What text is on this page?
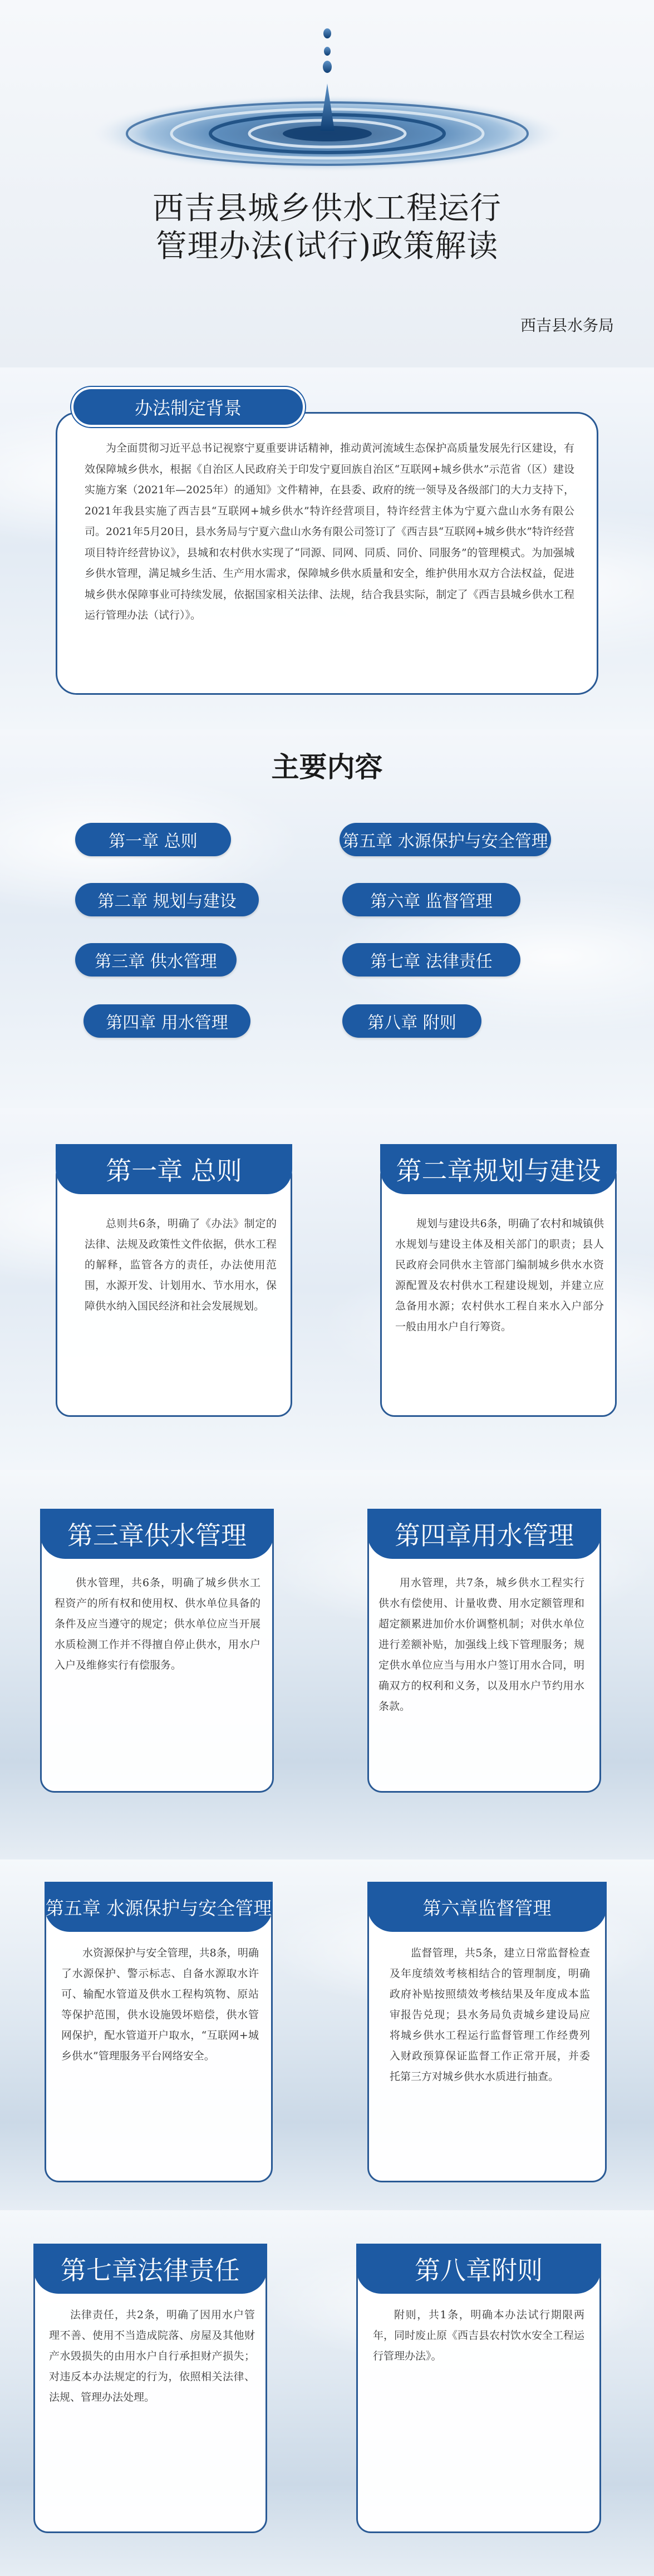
西吉县城乡供水工程运行
管理办法(试行)政策解读
西吉县水务局
办法制定背景
为全面贯彻习近平总书记视察宁夏重要讲话精神，推动黄河流域生态保护高质量发展先行区建设，有效保障城乡供水，根据《自治区人民政府关于印发宁夏回族自治区“互联网+城乡供水”示范省（区）建设实施方案（2021年—2025年）的通知》文件精神，在县委、政府的统一领导及各级部门的大力支持下，2021年我县实施了西吉县“互联网+城乡供水”特许经营项目，特许经营主体为宁夏六盘山水务有限公司。2021年5月20日，县水务局与宁夏六盘山水务有限公司签订了《西吉县“互联网+城乡供水”特许经营项目特许经营协议》，县城和农村供水实现了“同源、同网、同质、同价、同服务”的管理模式。为加强城乡供水管理，满足城乡生活、生产用水需求，保障城乡供水质量和安全，维护供用水双方合法权益，促进城乡供水保障事业可持续发展，依据国家相关法律、法规，结合我县实际，制定了《西吉县城乡供水工程运行管理办法（试行）》。
主要内容
第一章 总则
第二章 规划与建设
第三章 供水管理
第四章 用水管理
第五章 水源保护与安全管理
第六章 监督管理
第七章 法律责任
第八章 附则
第一章 总则
总则共6条，明确了《办法》制定的法律、法规及政策性文件依据，供水工程的解释，监管各方的责任，办法使用范围，水源开发、计划用水、节水用水，保障供水纳入国民经济和社会发展规划。
第二章规划与建设
规划与建设共6条，明确了农村和城镇供水规划与建设主体及相关部门的职责；县人民政府会同供水主管部门编制城乡供水水资源配置及农村供水工程建设规划，并建立应急备用水源；农村供水工程自来水入户部分一般由用水户自行筹资。
第三章供水管理
供水管理，共6条，明确了城乡供水工程资产的所有权和使用权、供水单位具备的条件及应当遵守的规定；供水单位应当开展水质检测工作并不得擅自停止供水，用水户入户及维修实行有偿服务。
第四章用水管理
用水管理，共7条，城乡供水工程实行供水有偿使用、计量收费、用水定额管理和超定额累进加价水价调整机制；对供水单位进行差额补贴，加强线上线下管理服务；规定供水单位应当与用水户签订用水合同，明确双方的权利和义务，以及用水户节约用水条款。
第五章 水源保护与安全管理
水资源保护与安全管理，共8条，明确了水源保护、警示标志、自备水源取水许可、输配水管道及供水工程构筑物、原站等保护范围，供水设施毁坏赔偿，供水管网保护，配水管道开户取水，“互联网+城乡供水”管理服务平台网络安全。
第六章监督管理
监督管理，共5条，建立日常监督检查及年度绩效考核相结合的管理制度，明确政府补贴按照绩效考核结果及年度成本监审报告兑现；县水务局负责城乡建设局应将城乡供水工程运行监督管理工作经费列入财政预算保证监督工作正常开展，并委托第三方对城乡供水水质进行抽查。
第七章法律责任
法律责任，共2条，明确了因用水户管理不善、使用不当造成院落、房屋及其他财产水毁损失的由用水户自行承担财产损失；对违反本办法规定的行为，依照相关法律、法规、管理办法处理。
第八章附则
附则，共1条，明确本办法试行期限两年，同时废止原《西吉县农村饮水安全工程运行管理办法》。
